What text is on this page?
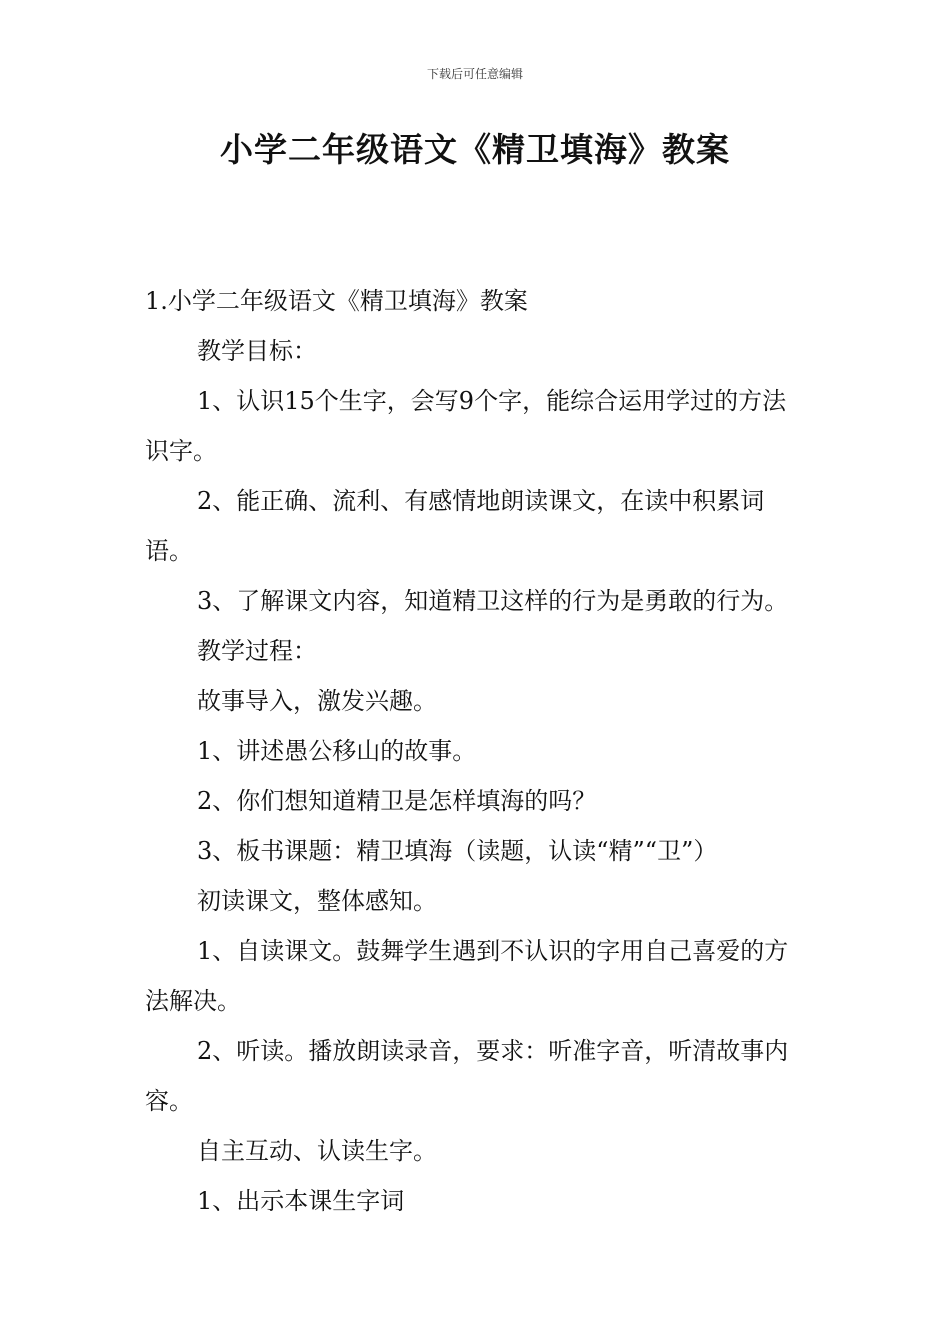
下载后可任意编辑
小学二年级语文《精卫填海》教案

1.小学二年级语文《精卫填海》教案

教学目标：

1、认识15个生字，会写9个字，能综合运用学过的方法识字。

2、能正确、流利、有感情地朗读课文，在读中积累词语。

3、了解课文内容，知道精卫这样的行为是勇敢的行为。

教学过程：

故事导入，激发兴趣。

1、讲述愚公移山的故事。

2、你们想知道精卫是怎样填海的吗？

3、板书课题：精卫填海（读题，认读“精”“卫”）

初读课文，整体感知。

1、自读课文。鼓舞学生遇到不认识的字用自己喜爱的方法解决。

2、听读。播放朗读录音，要求：听准字音，听清故事内容。

自主互动、认读生字。

1、出示本课生字词
